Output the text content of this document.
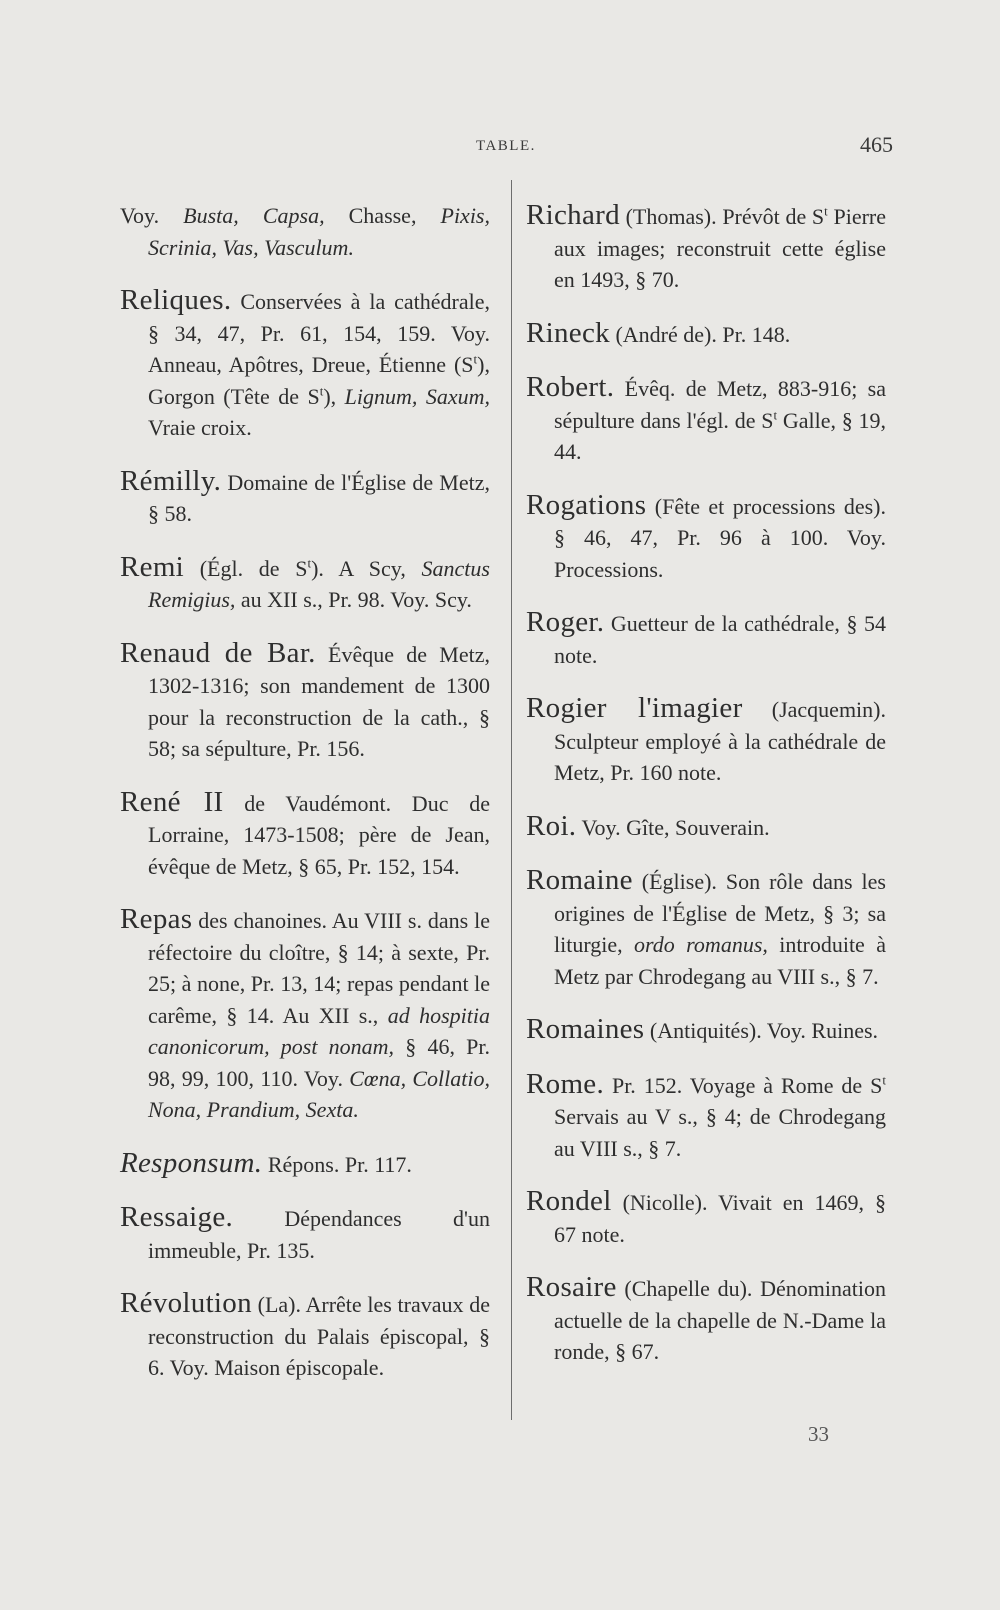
TABLE.	465

Voy. Busta, Capsa, Chasse, Pixis, Scrinia, Vas, Vasculum.

Reliques. Conservées à la cathédrale, § 34, 47, Pr. 61, 154, 159. Voy. Anneau, Apôtres, Dreue, Étienne $(S^t)$, Gorgon (Tête de $S^t$), Lignum, Saxum, Vraie croix.

Rémilly. Domaine de l'Église de Metz, § 58.

Remi (Égl. de $S^t$). A Scy, Sanctus Remigius, au XII s., Pr. 98. Voy. Scy.

Renaud de Bar. Évêque de Metz, 1302-1316; son mandement de 1300 pour la reconstruction de la cath., § 58; sa sépulture, Pr. 156.

René II de Vaudémont. Duc de Lorraine, 1473-1508; père de Jean, évêque de Metz, § 65, Pr. 152, 154.

Repas des chanoines. Au VIII s. dans le réfectoire du cloître, § 14; à sexte, Pr. 25; à none, Pr. 13, 14; repas pendant le carême, § 14. Au XII s., ad hospitia canonicorum, post nonam, § 46, Pr. 98, 99, 100, 110. Voy. Cœna, Collatio, Nona, Prandium, Sexta.

Responsum. Répons. Pr. 117.

Ressaige. Dépendances d'un immeuble, Pr. 135.

Révolution (La). Arrête les travaux de reconstruction du Palais épiscopal, § 6. Voy. Maison épiscopale.

Richard (Thomas). Prévôt de $S^t$ Pierre aux images; reconstruit cette église en 1493, § 70.

Rineck (André de). Pr. 148.

Robert. Évêq. de Metz, 883-916; sa sépulture dans l'égl. de $S^t$ Galle, § 19, 44.

Rogations (Fête et processions des). § 46, 47, Pr. 96 à 100. Voy. Processions.

Roger. Guetteur de la cathédrale, § 54 note.

Rogier l'imagier (Jacquemin). Sculpteur employé à la cathédrale de Metz, Pr. 160 note.

Roi. Voy. Gîte, Souverain.

Romaine (Église). Son rôle dans les origines de l'Église de Metz, § 3; sa liturgie, ordo romanus, introduite à Metz par Chrodegang au VIII s., § 7.

Romaines (Antiquités). Voy. Ruines.

Rome. Pr. 152. Voyage à Rome de $S^t$ Servais au V s., § 4; de Chrodegang au VIII s., § 7.

Rondel (Nicolle). Vivait en 1469, § 67 note.

Rosaire (Chapelle du). Dénomination actuelle de la chapelle de N.-Dame la ronde, § 67.

33
